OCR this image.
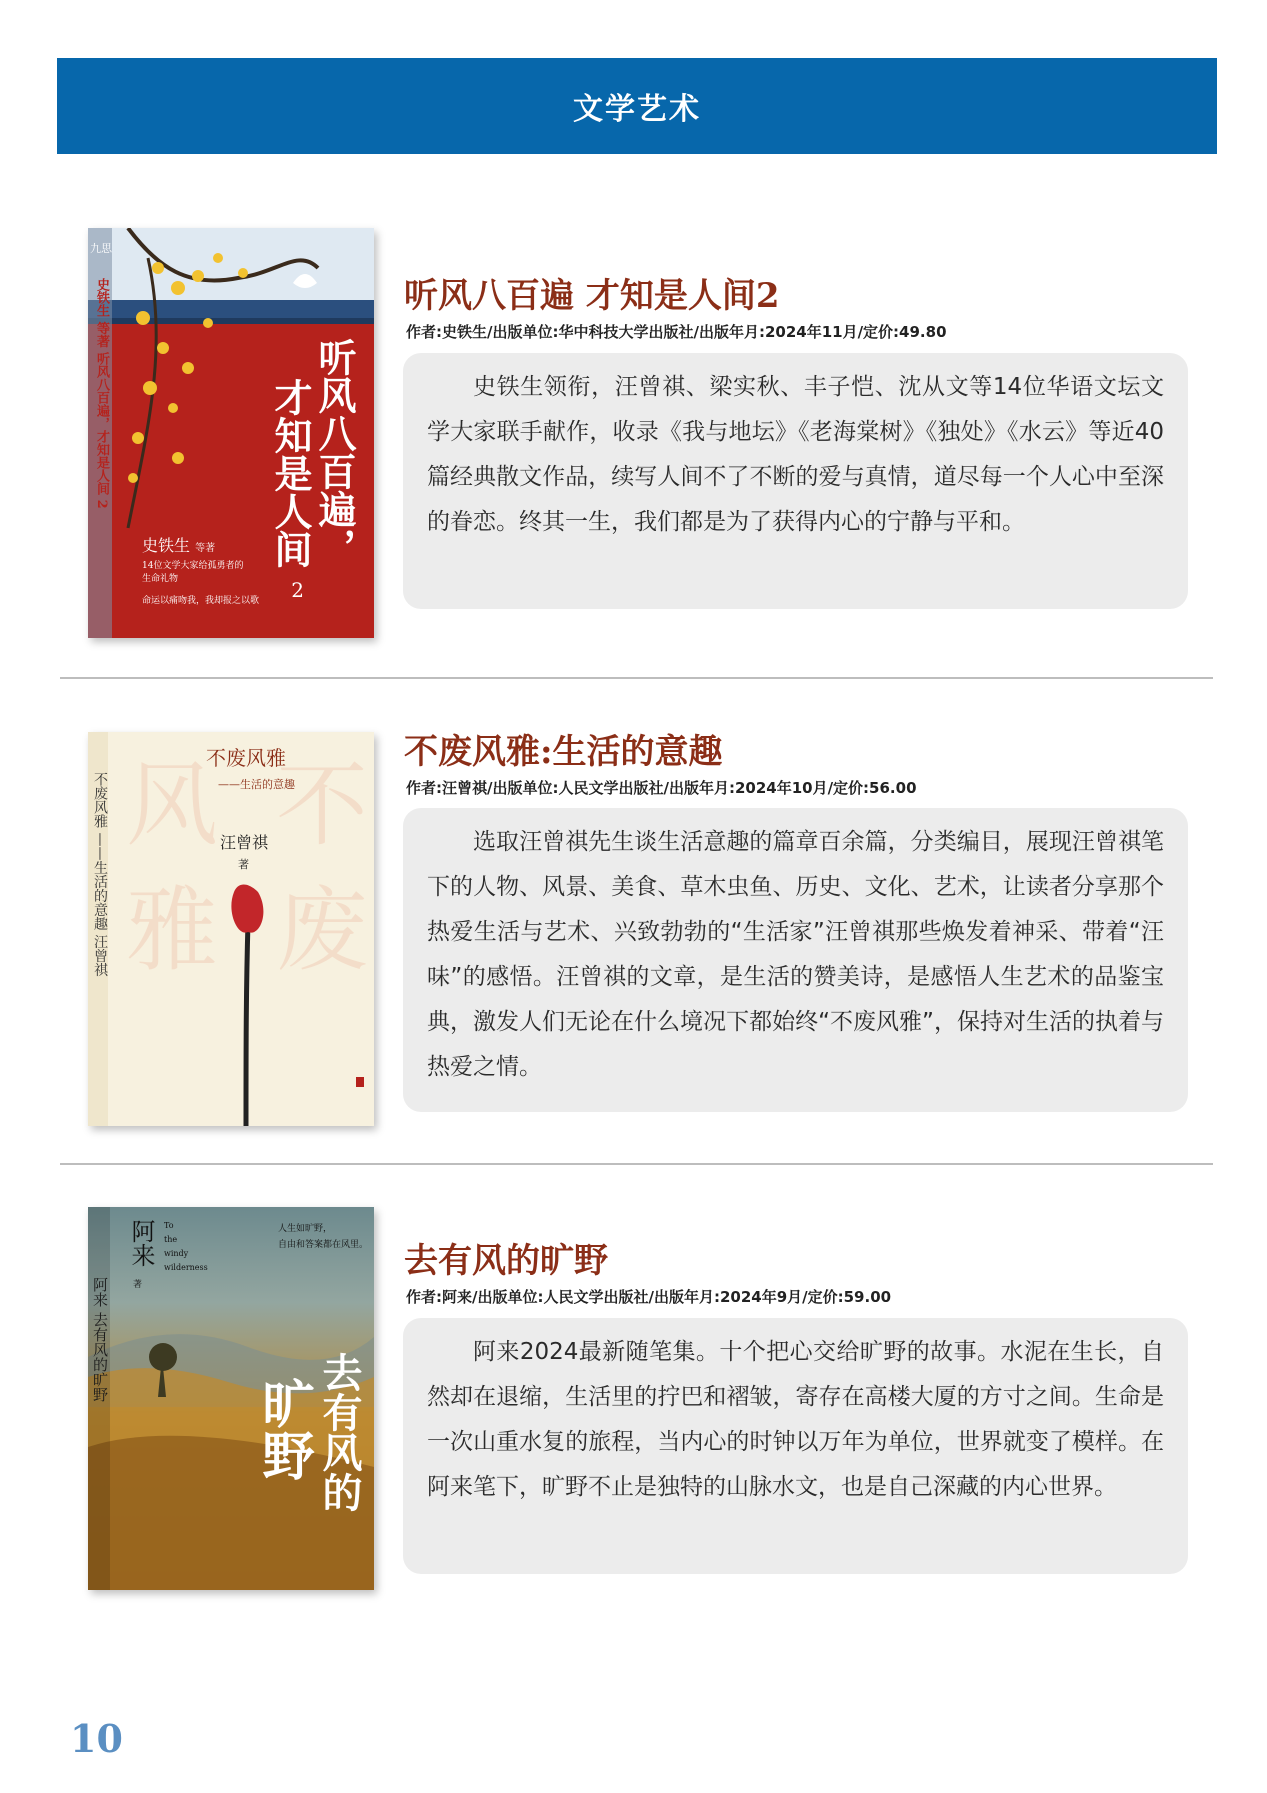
文学艺术
听风八百遍，
才知是人间
2
九思
史铁生 等著 听风八百遍，才知是人间 2
史铁生 等著
14位文学大家给孤勇者的
生命礼物
命运以痛吻我，我却报之以歌
听风八百遍 才知是人间2
作者:史铁生/出版单位:华中科技大学出版社/出版年月:2024年11月/定价:49.80
史铁生领衔，汪曾祺、梁实秋、丰子恺、沈从文等14位华语文坛文学大家联手献作，收录《我与地坛》《老海棠树》《独处》《水云》等近40篇经典散文作品，续写人间不了不断的爱与真情，道尽每一个人心中至深的眷恋。终其一生，我们都是为了获得内心的宁静与平和。
风 不
雅 废
不废风雅 ——生活的意趣 汪曾祺
不废风雅
——生活的意趣
汪曾祺
著
不废风雅:生活的意趣
作者:汪曾祺/出版单位:人民文学出版社/出版年月:2024年10月/定价:56.00
选取汪曾祺先生谈生活意趣的篇章百余篇，分类编目，展现汪曾祺笔下的人物、风景、美食、草木虫鱼、历史、文化、艺术，让读者分享那个热爱生活与艺术、兴致勃勃的“生活家”汪曾祺那些焕发着神采、带着“汪味”的感悟。汪曾祺的文章，是生活的赞美诗，是感悟人生艺术的品鉴宝典，激发人们无论在什么境况下都始终“不废风雅”，保持对生活的执着与热爱之情。
阿来 去有风的旷野
阿来
著
To
the
windy
wilderness
人生如旷野，
自由和答案都在风里。
去有风的
旷野
去有风的旷野
作者:阿来/出版单位:人民文学出版社/出版年月:2024年9月/定价:59.00
阿来2024最新随笔集。十个把心交给旷野的故事。水泥在生长，自然却在退缩，生活里的拧巴和褶皱，寄存在高楼大厦的方寸之间。生命是一次山重水复的旅程，当内心的时钟以万年为单位，世界就变了模样。在阿来笔下，旷野不止是独特的山脉水文，也是自己深藏的内心世界。
10
